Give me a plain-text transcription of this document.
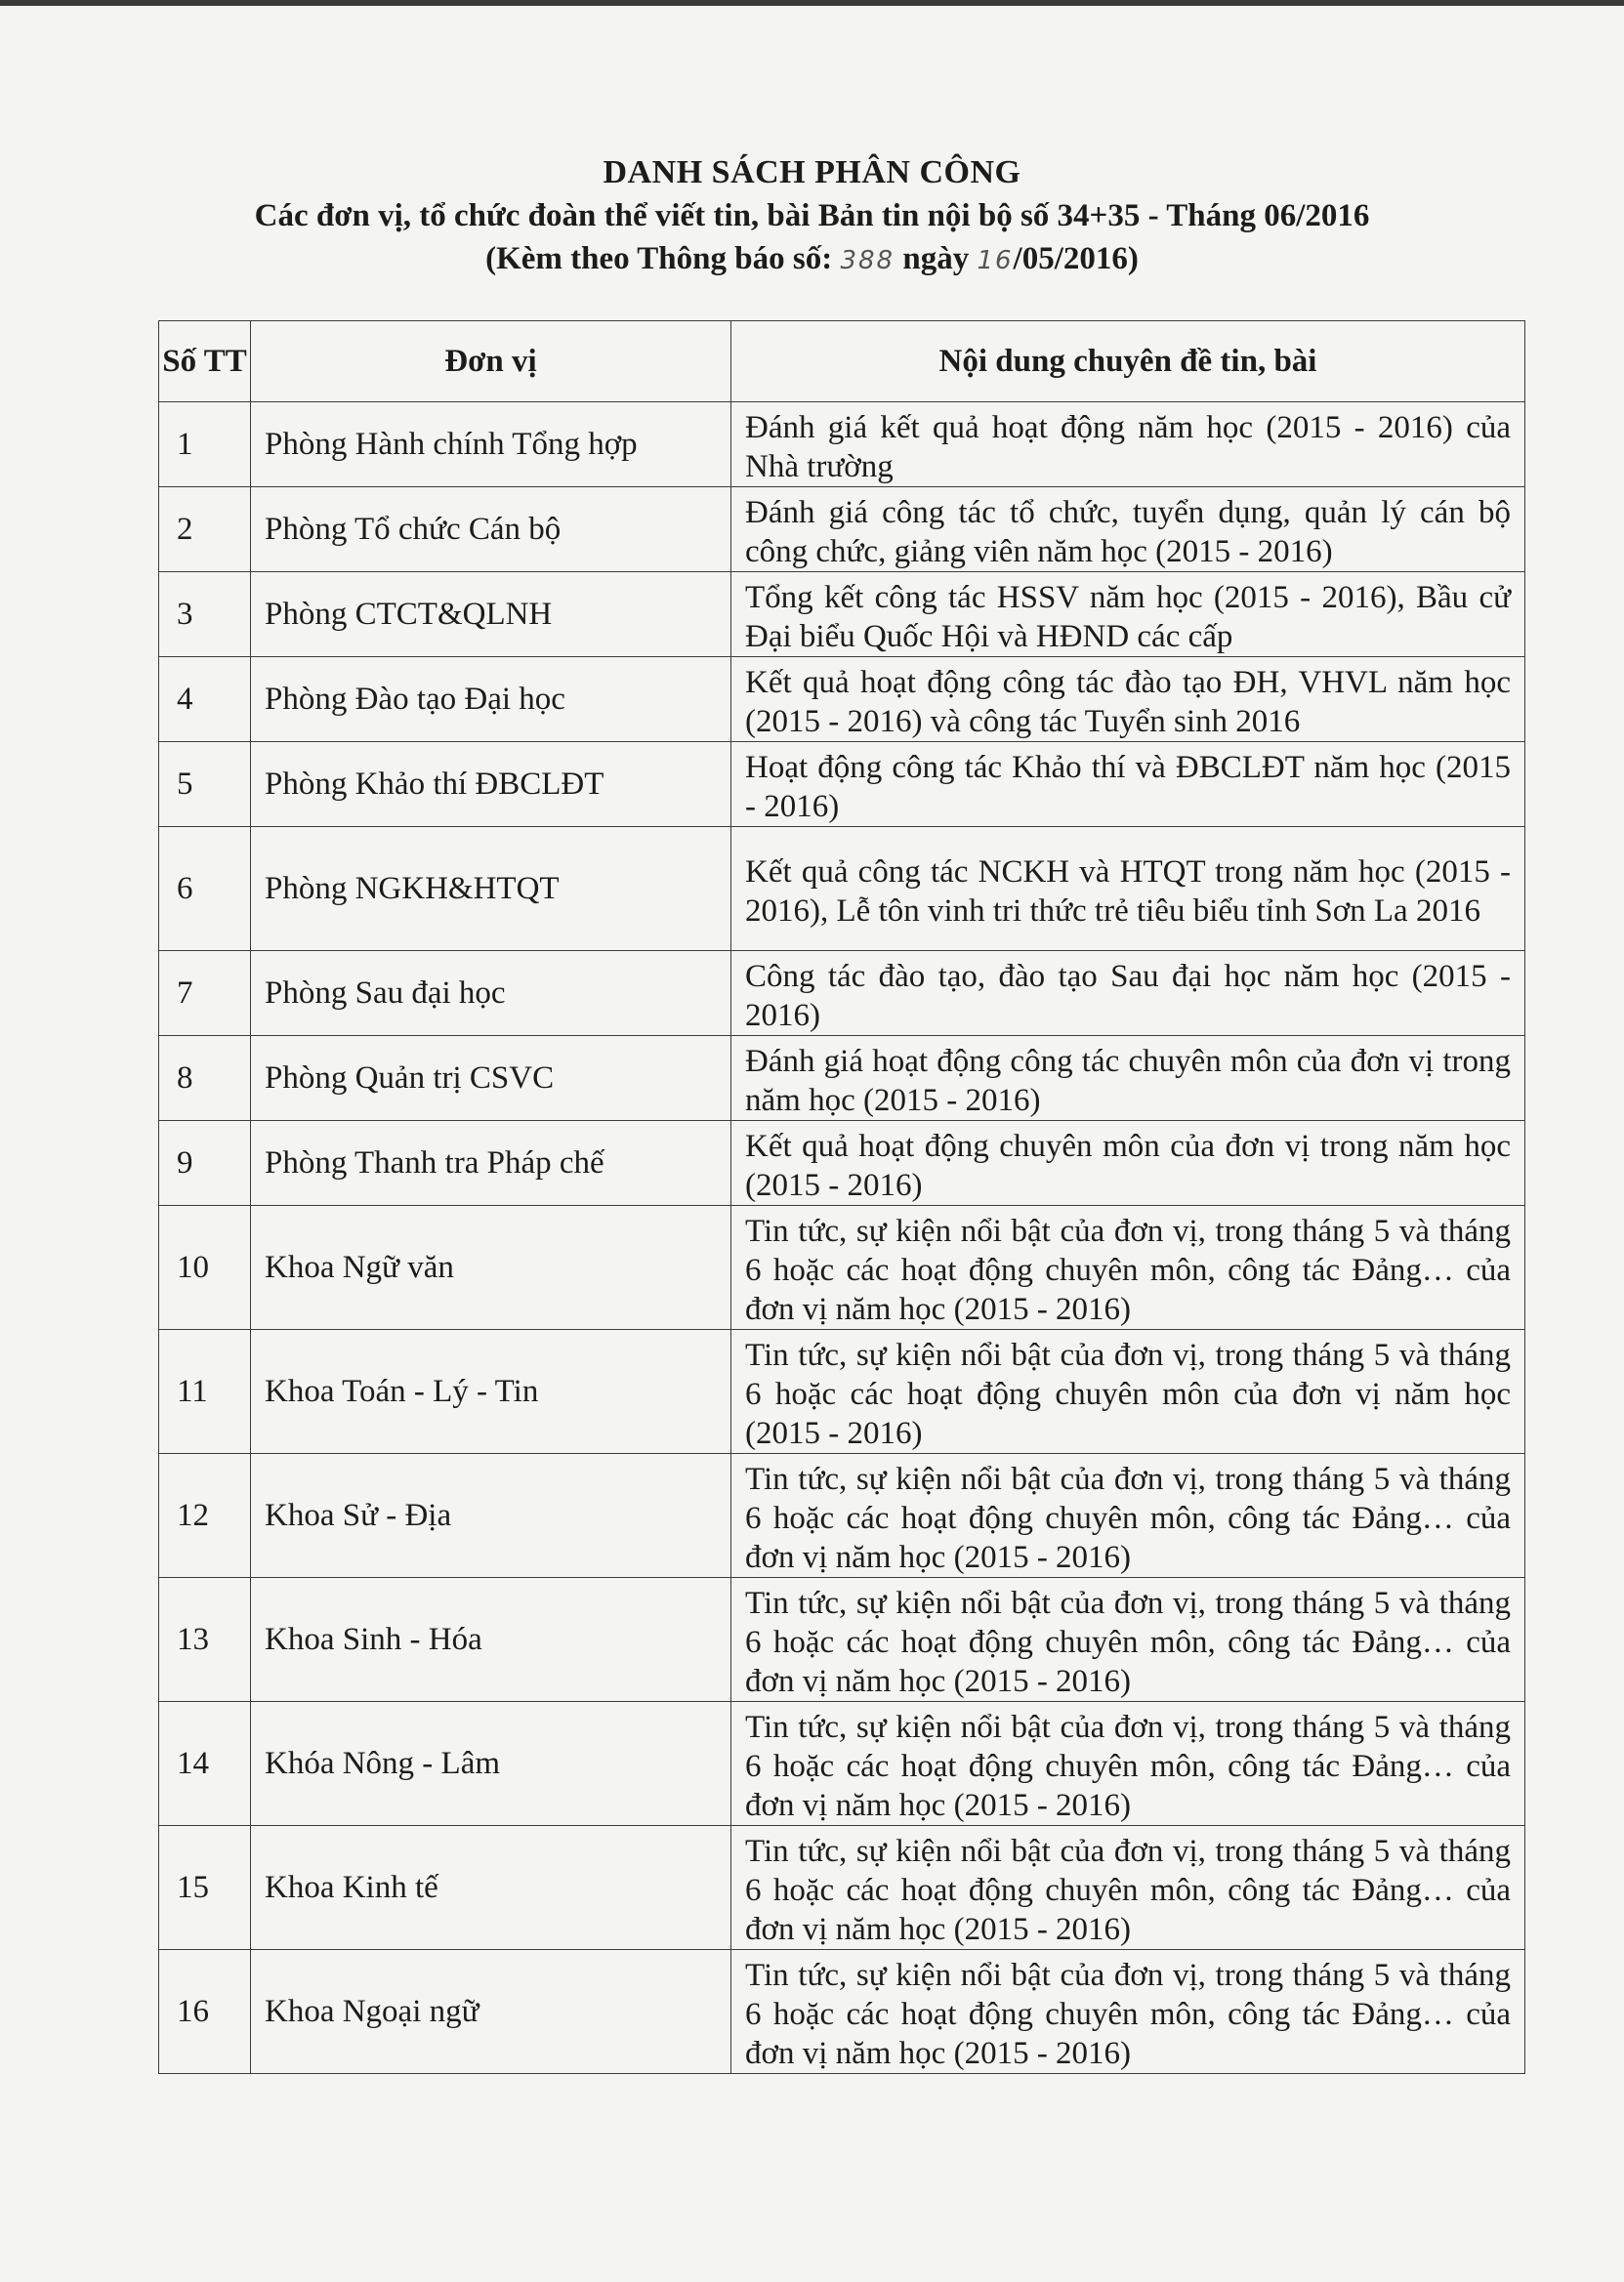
DANH SÁCH PHÂN CÔNG
Các đơn vị, tổ chức đoàn thể viết tin, bài Bản tin nội bộ số 34+35 - Tháng 06/2016
(Kèm theo Thông báo số: 388 ngày 16/05/2016)
Số TT	Đơn vị	Nội dung chuyên đề tin, bài
1	Phòng Hành chính Tổng hợp	Đánh giá kết quả hoạt động năm học (2015 - 2016) của Nhà trường
2	Phòng Tổ chức Cán bộ	Đánh giá công tác tổ chức, tuyển dụng, quản lý cán bộ công chức, giảng viên năm học (2015 - 2016)
3	Phòng CTCT&QLNH	Tổng kết công tác HSSV năm học (2015 - 2016), Bầu cử Đại biểu Quốc Hội và HĐND các cấp
4	Phòng Đào tạo Đại học	Kết quả hoạt động công tác đào tạo ĐH, VHVL năm học (2015 - 2016) và công tác Tuyển sinh 2016
5	Phòng Khảo thí ĐBCLĐT	Hoạt động công tác Khảo thí và ĐBCLĐT năm học (2015 - 2016)
6	Phòng NGKH&HTQT	Kết quả công tác NCKH và HTQT trong năm học (2015 - 2016), Lễ tôn vinh tri thức trẻ tiêu biểu tỉnh Sơn La 2016
7	Phòng Sau đại học	Công tác đào tạo, đào tạo Sau đại học năm học (2015 - 2016)
8	Phòng Quản trị CSVC	Đánh giá hoạt động công tác chuyên môn của đơn vị trong năm học (2015 - 2016)
9	Phòng Thanh tra Pháp chế	Kết quả hoạt động chuyên môn của đơn vị trong năm học (2015 - 2016)
10	Khoa Ngữ văn	Tin tức, sự kiện nổi bật của đơn vị, trong tháng 5 và tháng 6 hoặc các hoạt động chuyên môn, công tác Đảng… của đơn vị năm học (2015 - 2016)
11	Khoa Toán - Lý - Tin	Tin tức, sự kiện nổi bật của đơn vị, trong tháng 5 và tháng 6 hoặc các hoạt động chuyên môn của đơn vị năm học (2015 - 2016)
12	Khoa Sử - Địa	Tin tức, sự kiện nổi bật của đơn vị, trong tháng 5 và tháng 6 hoặc các hoạt động chuyên môn, công tác Đảng… của đơn vị năm học (2015 - 2016)
13	Khoa Sinh - Hóa	Tin tức, sự kiện nổi bật của đơn vị, trong tháng 5 và tháng 6 hoặc các hoạt động chuyên môn, công tác Đảng… của đơn vị năm học (2015 - 2016)
14	Khóa Nông - Lâm	Tin tức, sự kiện nổi bật của đơn vị, trong tháng 5 và tháng 6 hoặc các hoạt động chuyên môn, công tác Đảng… của đơn vị năm học (2015 - 2016)
15	Khoa Kinh tế	Tin tức, sự kiện nổi bật của đơn vị, trong tháng 5 và tháng 6 hoặc các hoạt động chuyên môn, công tác Đảng… của đơn vị năm học (2015 - 2016)
16	Khoa Ngoại ngữ	Tin tức, sự kiện nổi bật của đơn vị, trong tháng 5 và tháng 6 hoặc các hoạt động chuyên môn, công tác Đảng… của đơn vị năm học (2015 - 2016)
